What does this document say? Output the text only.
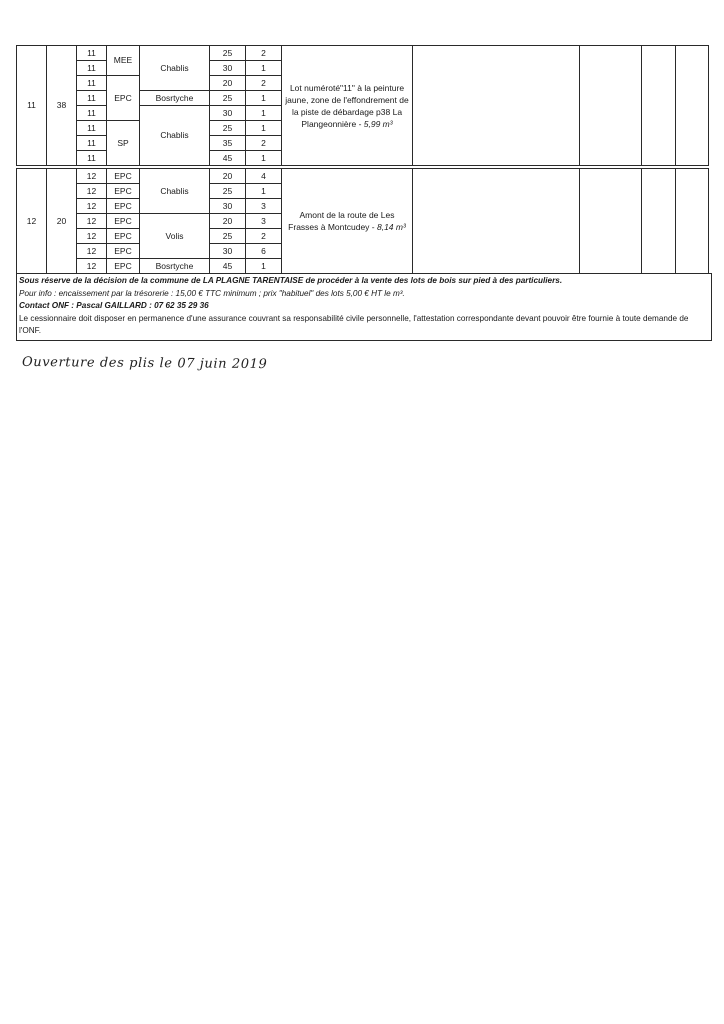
11	38	11	MEE	Chablis	25	2	Lot numéroté"11" à la peinture jaune, zone de l'effondrement de la piste de débardage p38 La Plangeonnière - 5,99 m³				
		11			30	1					
		11	EPC		20	2					
		11		Bosrtyche	25	1					
		11		Chablis	30	1					
		11	SP		25	1					
		11			35	2					
		11			45	1					

12	20	12	EPC	Chablis	20	4	Amont de la route de Les Frasses à Montcudey - 8,14 m³				
		12	EPC		25	1					
		12	EPC		30	3					
		12	EPC	Volis	20	3					
		12	EPC		25	2					
		12	EPC		30	6					
		12	EPC	Bosrtyche	45	1					
Sous réserve de la décision de la commune de LA PLAGNE TARENTAISE de procéder à la vente des lots de bois sur pied à des particuliers.
Pour info : encaissement par la trésorerie : 15,00 € TTC minimum ; prix "habituel" des lots 5,00 € HT le m³.
Contact ONF : Pascal GAILLARD : 07 62 35 29 36
Le cessionnaire doit disposer en permanence d'une assurance couvrant sa responsabilité civile personnelle, l'attestation correspondante devant pouvoir être fournie à toute demande de l'ONF.
Ouverture des plis le 07 juin 2019
